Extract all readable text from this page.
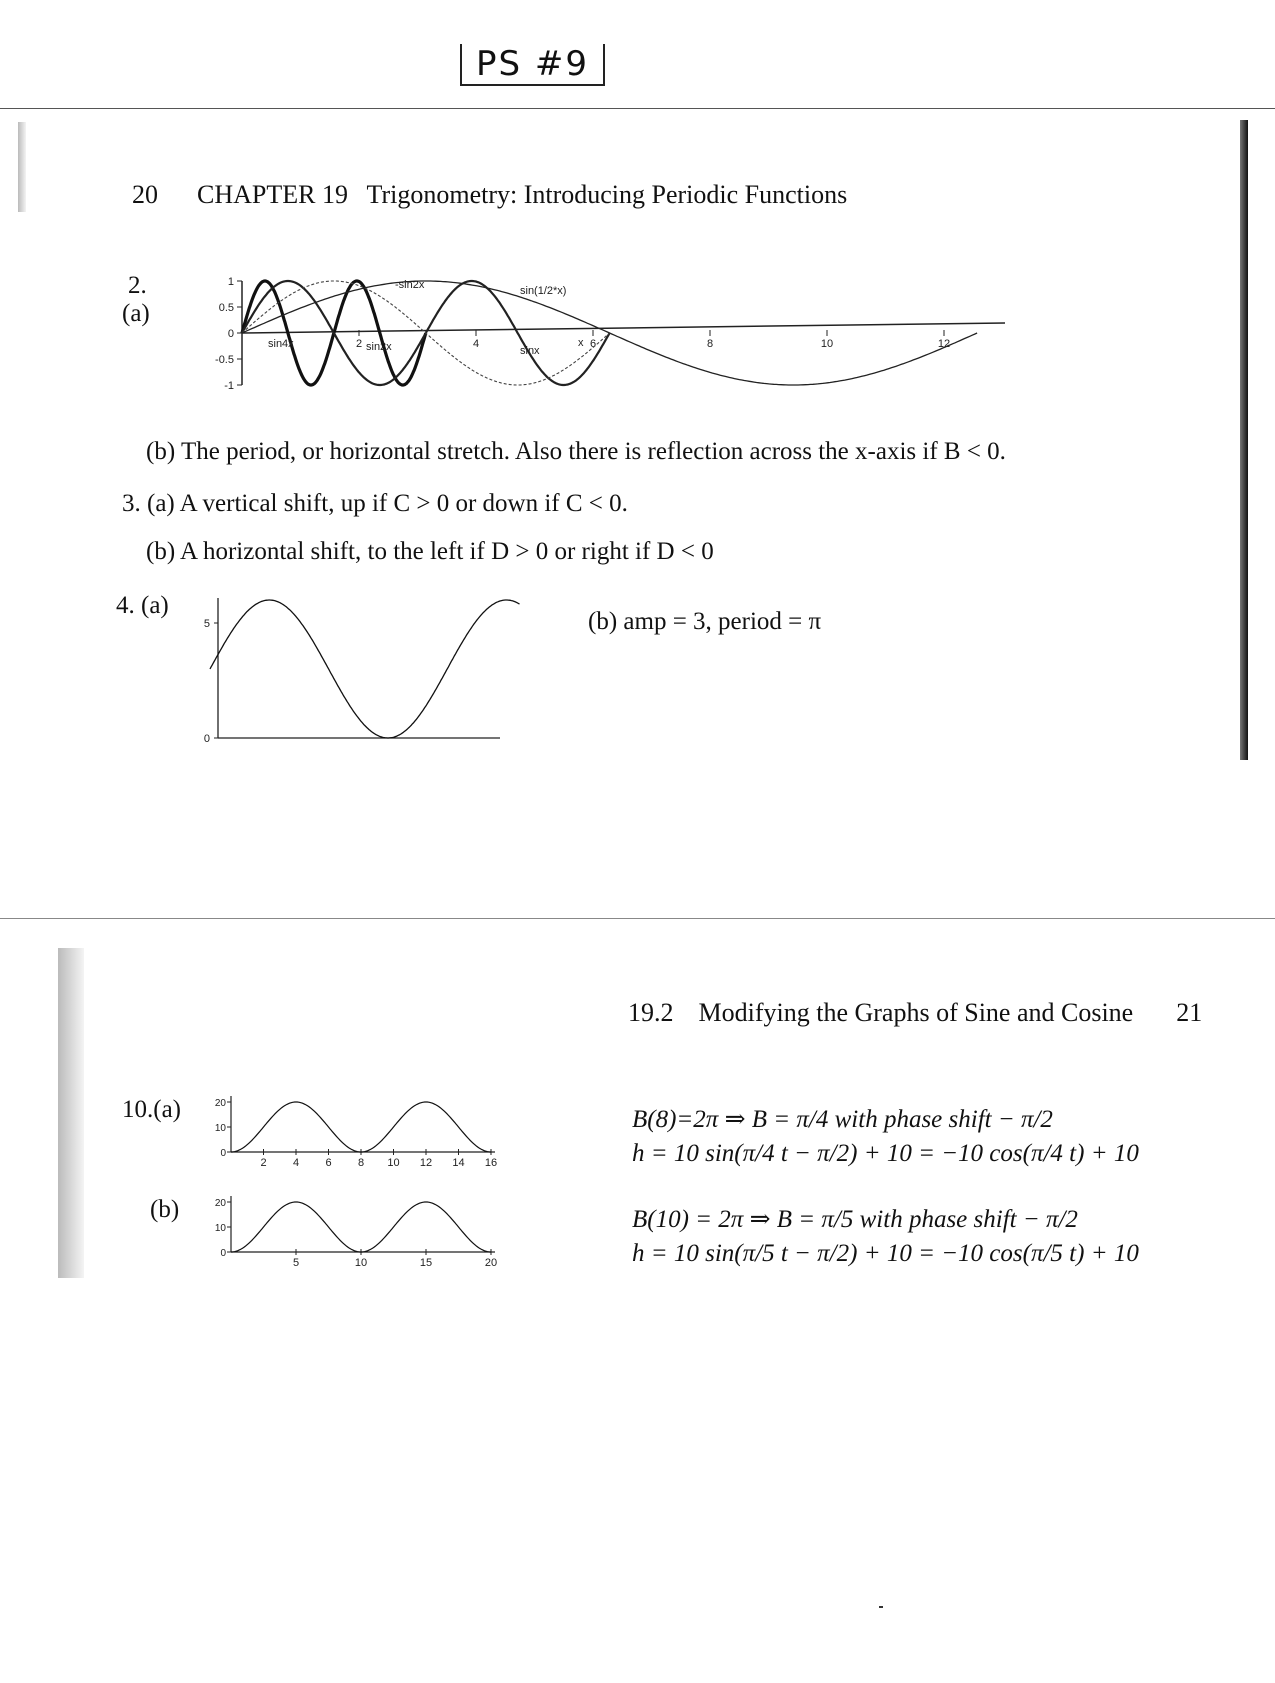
PS #9
20 CHAPTER 19 Trigonometry: Introducing Periodic Functions
2.
(a)
1
0.5
0
-0.5
-1
2	4	6	8	10	12
sin4x	sin2x
-sin2x
sinx
sin(1/2*x)
x
(b) The period, or horizontal stretch. Also there is reflection across the x-axis if B < 0.
3. (a) A vertical shift, up if C > 0 or down if C < 0.
(b) A horizontal shift, to the left if D > 0 or right if D < 0
4. (a)
5
0
(b) amp = 3, period = π
19.2 Modifying the Graphs of Sine and Cosine 21
10.(a)	20
10
0
2 4 6 8 10 12 14 16
(b)	20
10
0
5	10	15	20
B(8)=2π ⇒ B = π/4 with phase shift − π/2
h = 10 sin(π/4 t − π/2) + 10 = −10 cos(π/4 t) + 10
B(10) = 2π ⇒ B = π/5 with phase shift − π/2
h = 10 sin(π/5 t − π/2) + 10 = −10 cos(π/5 t) + 10
